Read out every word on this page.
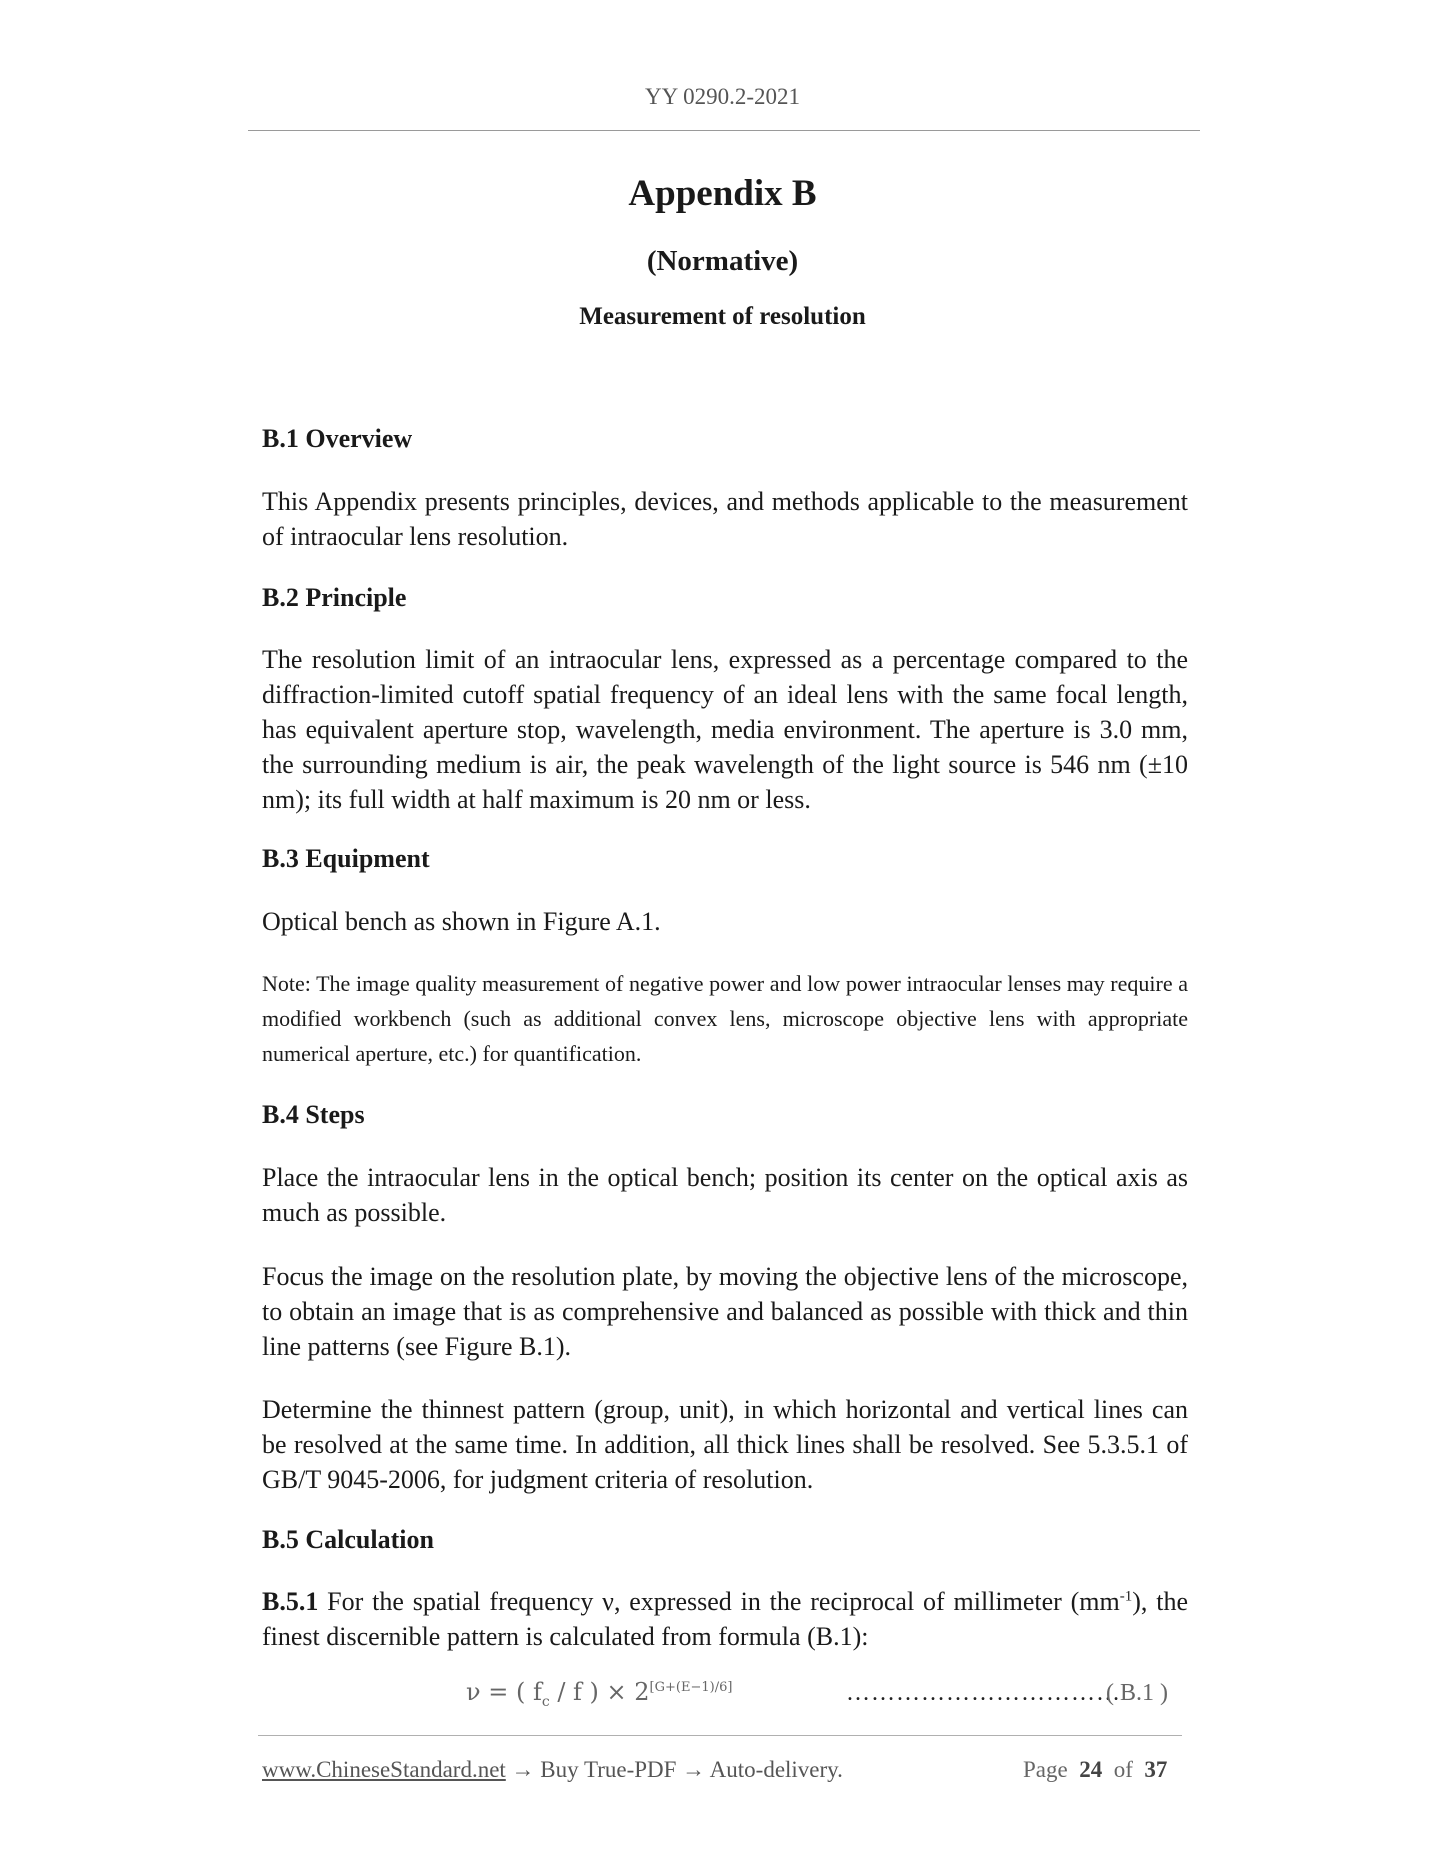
YY 0290.2-2021
Appendix B
(Normative)
Measurement of resolution

B.1 Overview

This Appendix presents principles, devices, and methods applicable to the measurement of intraocular lens resolution.

B.2 Principle

The resolution limit of an intraocular lens, expressed as a percentage compared to the diffraction-limited cutoff spatial frequency of an ideal lens with the same focal length, has equivalent aperture stop, wavelength, media environment. The aperture is 3.0 mm, the surrounding medium is air, the peak wavelength of the light source is 546 nm (±10 nm); its full width at half maximum is 20 nm or less.

B.3 Equipment

Optical bench as shown in Figure A.1.

Note: The image quality measurement of negative power and low power intraocular lenses may require a modified workbench (such as additional convex lens, microscope objective lens with appropriate numerical aperture, etc.) for quantification.

B.4 Steps

Place the intraocular lens in the optical bench; position its center on the optical axis as much as possible.

Focus the image on the resolution plate, by moving the objective lens of the microscope, to obtain an image that is as comprehensive and balanced as possible with thick and thin line patterns (see Figure B.1).

Determine the thinnest pattern (group, unit), in which horizontal and vertical lines can be resolved at the same time. In addition, all thick lines shall be resolved. See 5.3.5.1 of GB/T 9045-2006, for judgment criteria of resolution.

B.5 Calculation

B.5.1 For the spatial frequency ν, expressed in the reciprocal of millimeter $(mm^{-1})$, the finest discernible pattern is calculated from formula (B.1):

ν = ( $f_c$ / f ) × 2[G+(E−1)/6]	……………………………
( B.1 )
www.ChineseStandard.net → Buy True-PDF → Auto-delivery.	Page 24 of 37
